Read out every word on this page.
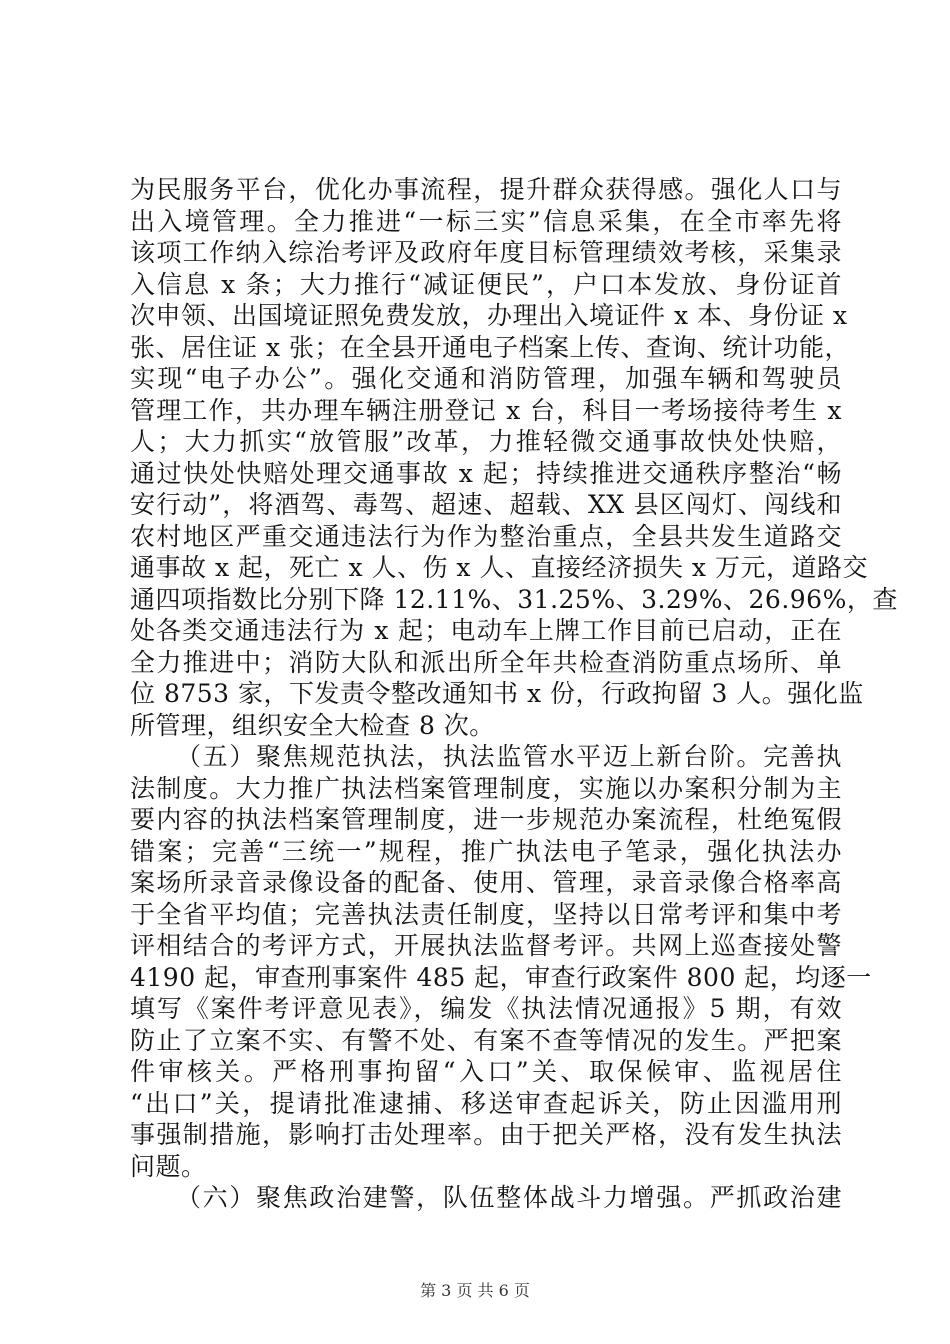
为民服务平台，优化办事流程，提升群众获得感。强化人口与
出入境管理。全力推进“一标三实”信息采集，在全市率先将
该项工作纳入综治考评及政府年度目标管理绩效考核，采集录
入信息 x 条；大力推行“减证便民”，户口本发放、身份证首
次申领、出国境证照免费发放，办理出入境证件 x 本、身份证 x
张、居住证 x 张；在全县开通电子档案上传、查询、统计功能，
实现“电子办公”。强化交通和消防管理，加强车辆和驾驶员
管理工作，共办理车辆注册登记 x 台，科目一考场接待考生 x
人；大力抓实“放管服”改革，力推轻微交通事故快处快赔，
通过快处快赔处理交通事故 x 起；持续推进交通秩序整治“畅
安行动”，将酒驾、毒驾、超速、超载、XX 县区闯灯、闯线和
农村地区严重交通违法行为作为整治重点，全县共发生道路交
通事故 x 起，死亡 x 人、伤 x 人、直接经济损失 x 万元，道路交
通四项指数比分别下降 12.11%、31.25%、3.29%、26.96%，查
处各类交通违法行为 x 起；电动车上牌工作目前已启动，正在
全力推进中；消防大队和派出所全年共检查消防重点场所、单
位 8753 家，下发责令整改通知书 x 份，行政拘留 3 人。强化监
所管理，组织安全大检查 8 次。
（五）聚焦规范执法，执法监管水平迈上新台阶。完善执
法制度。大力推广执法档案管理制度，实施以办案积分制为主
要内容的执法档案管理制度，进一步规范办案流程，杜绝冤假
错案；完善“三统一”规程，推广执法电子笔录，强化执法办
案场所录音录像设备的配备、使用、管理，录音录像合格率高
于全省平均值；完善执法责任制度，坚持以日常考评和集中考
评相结合的考评方式，开展执法监督考评。共网上巡查接处警
4190 起，审查刑事案件 485 起，审查行政案件 800 起，均逐一
填写《案件考评意见表》，编发《执法情况通报》5 期，有效
防止了立案不实、有警不处、有案不查等情况的发生。严把案
件审核关。严格刑事拘留“入口”关、取保候审、监视居住
“出口”关，提请批准逮捕、移送审查起诉关，防止因滥用刑
事强制措施，影响打击处理率。由于把关严格，没有发生执法
问题。
（六）聚焦政治建警，队伍整体战斗力增强。严抓政治建
第 3 页 共 6 页
